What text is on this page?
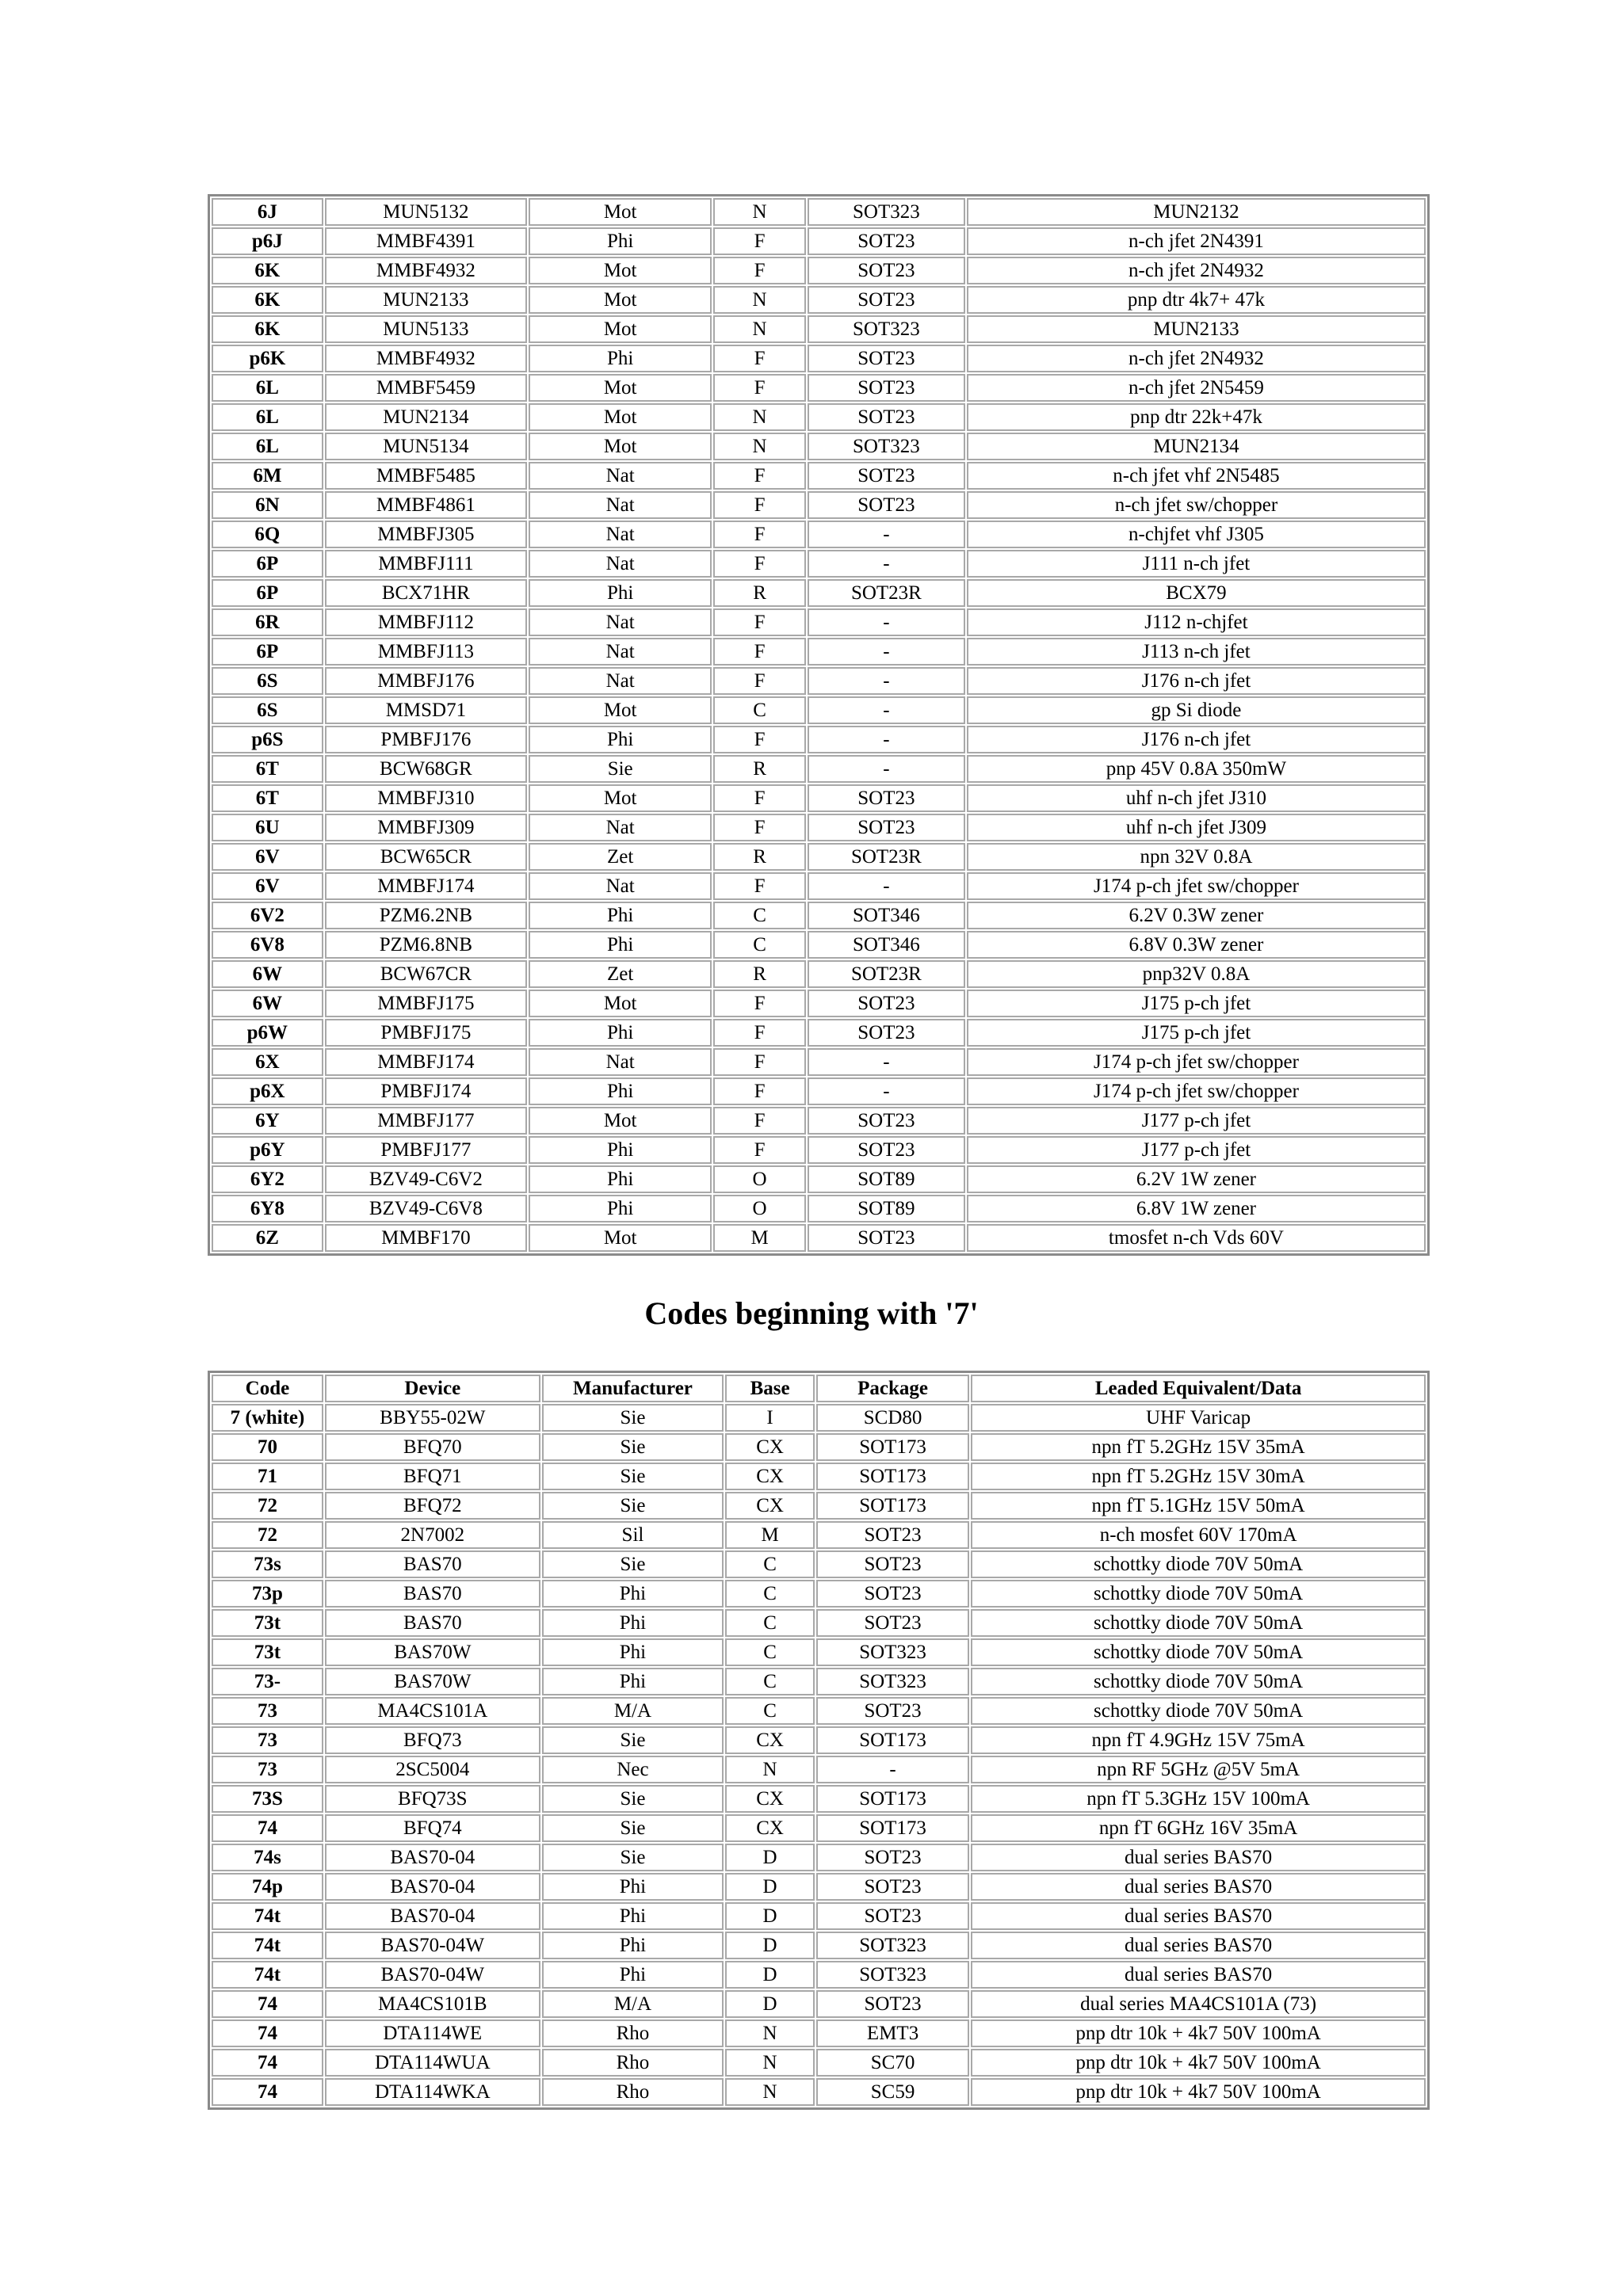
6J	MUN5132	Mot	N	SOT323	MUN2132
p6J	MMBF4391	Phi	F	SOT23	n-ch jfet 2N4391
6K	MMBF4932	Mot	F	SOT23	n-ch jfet 2N4932
6K	MUN2133	Mot	N	SOT23	pnp dtr 4k7+ 47k
6K	MUN5133	Mot	N	SOT323	MUN2133
p6K	MMBF4932	Phi	F	SOT23	n-ch jfet 2N4932
6L	MMBF5459	Mot	F	SOT23	n-ch jfet 2N5459
6L	MUN2134	Mot	N	SOT23	pnp dtr 22k+47k
6L	MUN5134	Mot	N	SOT323	MUN2134
6M	MMBF5485	Nat	F	SOT23	n-ch jfet vhf 2N5485
6N	MMBF4861	Nat	F	SOT23	n-ch jfet sw/chopper
6Q	MMBFJ305	Nat	F	-	n-chjfet vhf J305
6P	MMBFJ111	Nat	F	-	J111 n-ch jfet
6P	BCX71HR	Phi	R	SOT23R	BCX79
6R	MMBFJ112	Nat	F	-	J112 n-chjfet
6P	MMBFJ113	Nat	F	-	J113 n-ch jfet
6S	MMBFJ176	Nat	F	-	J176 n-ch jfet
6S	MMSD71	Mot	C	-	gp Si diode
p6S	PMBFJ176	Phi	F	-	J176 n-ch jfet
6T	BCW68GR	Sie	R	-	pnp 45V 0.8A 350mW
6T	MMBFJ310	Mot	F	SOT23	uhf n-ch jfet J310
6U	MMBFJ309	Nat	F	SOT23	uhf n-ch jfet J309
6V	BCW65CR	Zet	R	SOT23R	npn 32V 0.8A
6V	MMBFJ174	Nat	F	-	J174 p-ch jfet sw/chopper
6V2	PZM6.2NB	Phi	C	SOT346	6.2V 0.3W zener
6V8	PZM6.8NB	Phi	C	SOT346	6.8V 0.3W zener
6W	BCW67CR	Zet	R	SOT23R	pnp32V 0.8A
6W	MMBFJ175	Mot	F	SOT23	J175 p-ch jfet
p6W	PMBFJ175	Phi	F	SOT23	J175 p-ch jfet
6X	MMBFJ174	Nat	F	-	J174 p-ch jfet sw/chopper
p6X	PMBFJ174	Phi	F	-	J174 p-ch jfet sw/chopper
6Y	MMBFJ177	Mot	F	SOT23	J177 p-ch jfet
p6Y	PMBFJ177	Phi	F	SOT23	J177 p-ch jfet
6Y2	BZV49-C6V2	Phi	O	SOT89	6.2V 1W zener
6Y8	BZV49-C6V8	Phi	O	SOT89	6.8V 1W zener
6Z	MMBF170	Mot	M	SOT23	tmosfet n-ch Vds 60V
Codes beginning with '7'
Code	Device	Manufacturer	Base	Package	Leaded Equivalent/Data
7 (white)	BBY55-02W	Sie	I	SCD80	UHF Varicap
70	BFQ70	Sie	CX	SOT173	npn fT 5.2GHz 15V 35mA
71	BFQ71	Sie	CX	SOT173	npn fT 5.2GHz 15V 30mA
72	BFQ72	Sie	CX	SOT173	npn fT 5.1GHz 15V 50mA
72	2N7002	Sil	M	SOT23	n-ch mosfet 60V 170mA
73s	BAS70	Sie	C	SOT23	schottky diode 70V 50mA
73p	BAS70	Phi	C	SOT23	schottky diode 70V 50mA
73t	BAS70	Phi	C	SOT23	schottky diode 70V 50mA
73t	BAS70W	Phi	C	SOT323	schottky diode 70V 50mA
73-	BAS70W	Phi	C	SOT323	schottky diode 70V 50mA
73	MA4CS101A	M/A	C	SOT23	schottky diode 70V 50mA
73	BFQ73	Sie	CX	SOT173	npn fT 4.9GHz 15V 75mA
73	2SC5004	Nec	N	-	npn RF 5GHz @5V 5mA
73S	BFQ73S	Sie	CX	SOT173	npn fT 5.3GHz 15V 100mA
74	BFQ74	Sie	CX	SOT173	npn fT 6GHz 16V 35mA
74s	BAS70-04	Sie	D	SOT23	dual series BAS70
74p	BAS70-04	Phi	D	SOT23	dual series BAS70
74t	BAS70-04	Phi	D	SOT23	dual series BAS70
74t	BAS70-04W	Phi	D	SOT323	dual series BAS70
74t	BAS70-04W	Phi	D	SOT323	dual series BAS70
74	MA4CS101B	M/A	D	SOT23	dual series MA4CS101A (73)
74	DTA114WE	Rho	N	EMT3	pnp dtr 10k + 4k7 50V 100mA
74	DTA114WUA	Rho	N	SC70	pnp dtr 10k + 4k7 50V 100mA
74	DTA114WKA	Rho	N	SC59	pnp dtr 10k + 4k7 50V 100mA
